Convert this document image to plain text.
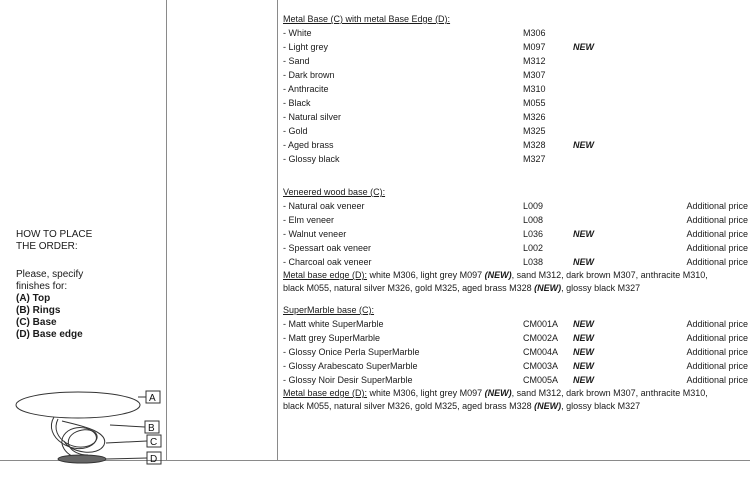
HOW TO PLACE
THE ORDER:
Please, specify
finishes for:
(A) Top
(B) Rings
(C) Base
(D) Base edge
A
B
C
D
Metal Base (C) with metal Base Edge (D):
- White	M306
- Light grey	M097	NEW
- Sand	M312
- Dark brown	M307
- Anthracite	M310
- Black	M055
- Natural silver	M326
- Gold	M325
- Aged brass	M328	NEW
- Glossy black	M327
Veneered wood base (C):
- Natural oak veneer	L009	Additional price
- Elm veneer	L008	Additional price
- Walnut veneer	L036	NEW	Additional price
- Spessart oak veneer	L002	Additional price
- Charcoal oak veneer	L038	NEW	Additional price
Metal base edge (D): white M306, light grey M097 (NEW), sand M312, dark brown M307, anthracite M310,
black M055, natural silver M326, gold M325, aged brass M328 (NEW), glossy black M327
SuperMarble base (C):
- Matt white SuperMarble	CM001A NEW	Additional price
- Matt grey SuperMarble	CM002A NEW	Additional price
- Glossy Onice Perla SuperMarble	CM004A NEW	Additional price
- Glossy Arabescato SuperMarble	CM003A NEW	Additional price
- Glossy Noir Desir SuperMarble	CM005A NEW	Additional price
Metal base edge (D): white M306, light grey M097 (NEW), sand M312, dark brown M307, anthracite M310,
black M055, natural silver M326, gold M325, aged brass M328 (NEW), glossy black M327
